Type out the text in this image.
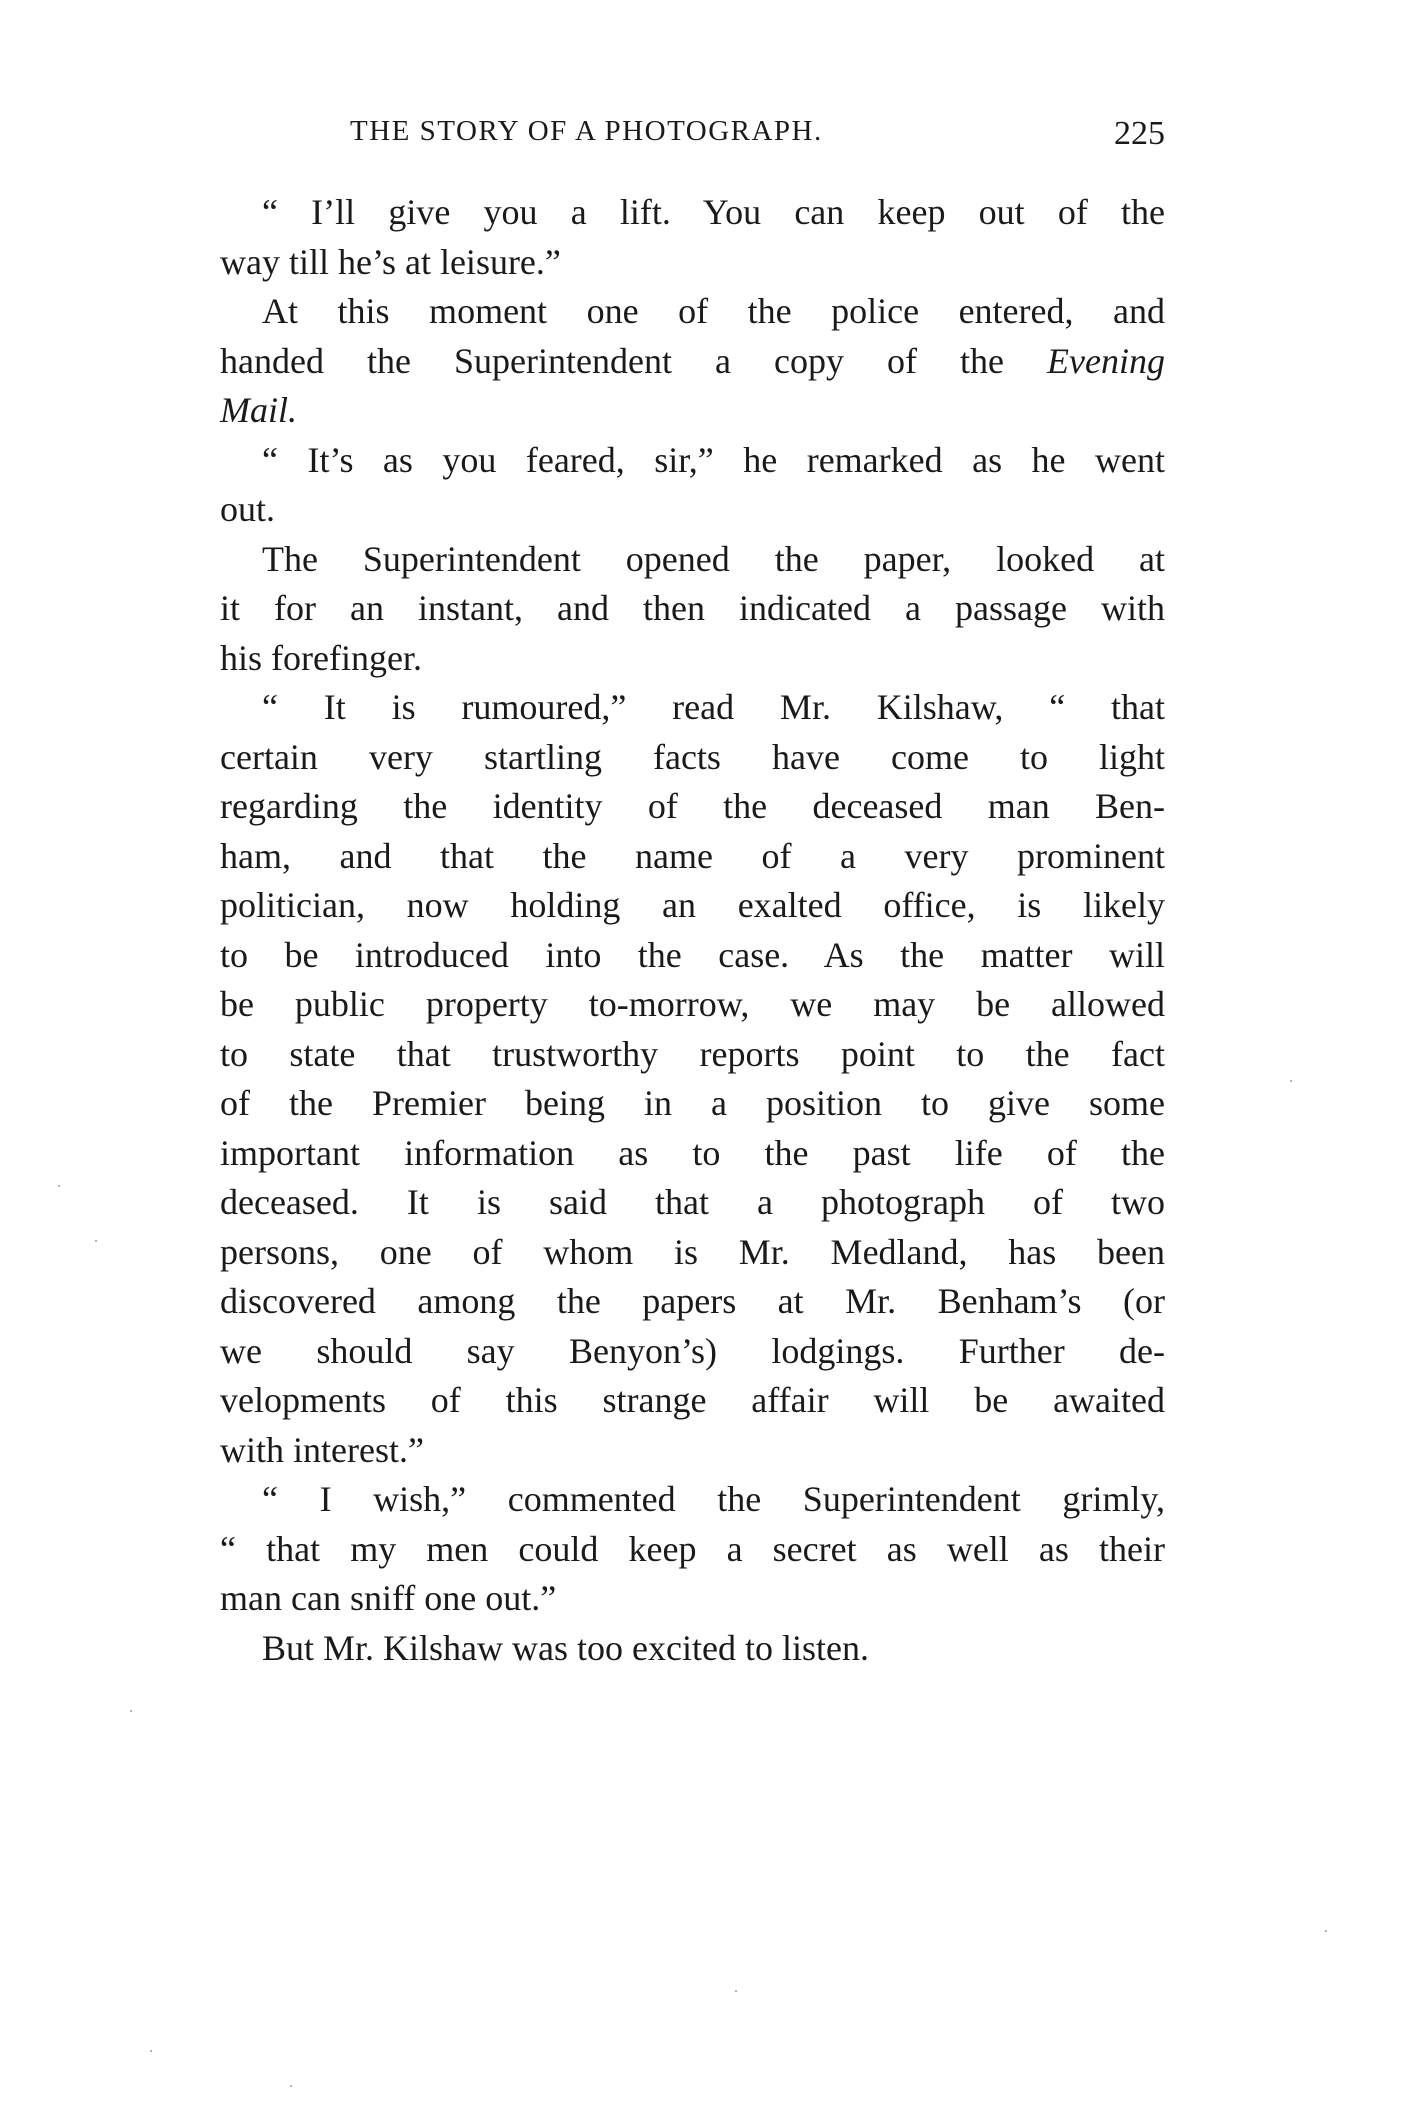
THE STORY OF A PHOTOGRAPH.	225
“ I’ll give you a lift. You can keep out of the
way till he’s at leisure.”
At this moment one of the police entered, and
handed the Superintendent a copy of the Evening
Mail.
“ It’s as you feared, sir,” he remarked as he went
out.
The Superintendent opened the paper, looked at
it for an instant, and then indicated a passage with
his forefinger.
“ It is rumoured,” read Mr. Kilshaw, “ that
certain very startling facts have come to light
regarding the identity of the deceased man Ben-
ham, and that the name of a very prominent
politician, now holding an exalted office, is likely
to be introduced into the case. As the matter will
be public property to-morrow, we may be allowed
to state that trustworthy reports point to the fact
of the Premier being in a position to give some
important information as to the past life of the
deceased. It is said that a photograph of two
persons, one of whom is Mr. Medland, has been
discovered among the papers at Mr. Benham’s (or
we should say Benyon’s) lodgings. Further de-
velopments of this strange affair will be awaited
with interest.”
“ I wish,” commented the Superintendent grimly,
“ that my men could keep a secret as well as their
man can sniff one out.”
But Mr. Kilshaw was too excited to listen.
